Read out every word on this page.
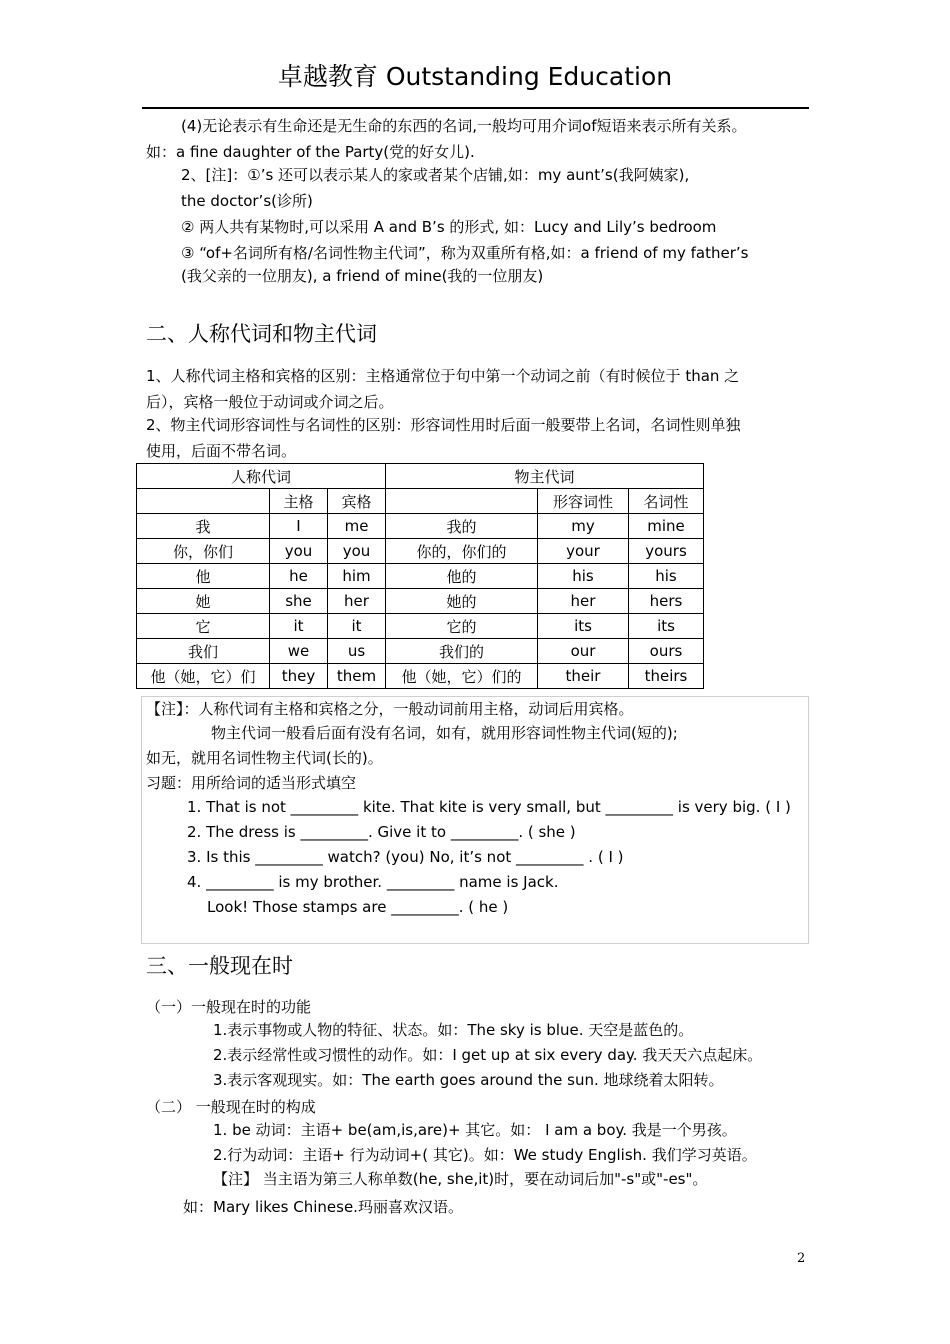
卓越教育 Outstanding Education
(4)无论表示有生命还是无生命的东西的名词,一般均可用介词of短语来表示所有关系。
如：a fine daughter of the Party(党的好女儿).
2、[注]：①’s 还可以表示某人的家或者某个店铺,如：my aunt’s(我阿姨家),
the doctor’s(诊所)
② 两人共有某物时,可以采用 A and B’s 的形式, 如：Lucy and Lily’s bedroom
③ “of+名词所有格/名词性物主代词”，称为双重所有格,如：a friend of my father’s
(我父亲的一位朋友), a friend of mine(我的一位朋友)
二、人称代词和物主代词
1、人称代词主格和宾格的区别：主格通常位于句中第一个动词之前（有时候位于 than 之
后），宾格一般位于动词或介词之后。
2、物主代词形容词性与名词性的区别：形容词性用时后面一般要带上名词，名词性则单独
使用，后面不带名词。
人称代词			物主代词		
	主格	宾格		形容词性	名词性
我	I	me	我的	my	mine
你，你们	you	you	你的，你们的	your	yours
他	he	him	他的	his	his
她	she	her	她的	her	hers
它	it	it	它的	its	its
我们	we	us	我们的	our	ours
他（她，它）们	they	them	他（她，它）们的	their	theirs
【注】：人称代词有主格和宾格之分，一般动词前用主格，动词后用宾格。
物主代词一般看后面有没有名词，如有，就用形容词性物主代词(短的);
如无，就用名词性物主代词(长的)。
习题：用所给词的适当形式填空
1. That is not _________ kite. That kite is very small, but _________ is very big. ( I )
2. The dress is _________. Give it to _________. ( she )
3. Is this _________ watch? (you) No, it’s not _________ . ( I )
4. _________ is my brother. _________ name is Jack.
Look! Those stamps are _________. ( he )
三、一般现在时
（一）一般现在时的功能
1.表示事物或人物的特征、状态。如：The sky is blue. 天空是蓝色的。
2.表示经常性或习惯性的动作。如：I get up at six every day. 我天天六点起床。
3.表示客观现实。如：The earth goes around the sun. 地球绕着太阳转。
（二） 一般现在时的构成
1. be 动词：主语+ be(am,is,are)+ 其它。如： I am a boy. 我是一个男孩。
2.行为动词：主语+ 行为动词+( 其它)。如：We study English. 我们学习英语。
【注】 当主语为第三人称单数(he, she,it)时，要在动词后加"-s"或"-es"。
如：Mary likes Chinese.玛丽喜欢汉语。
2
